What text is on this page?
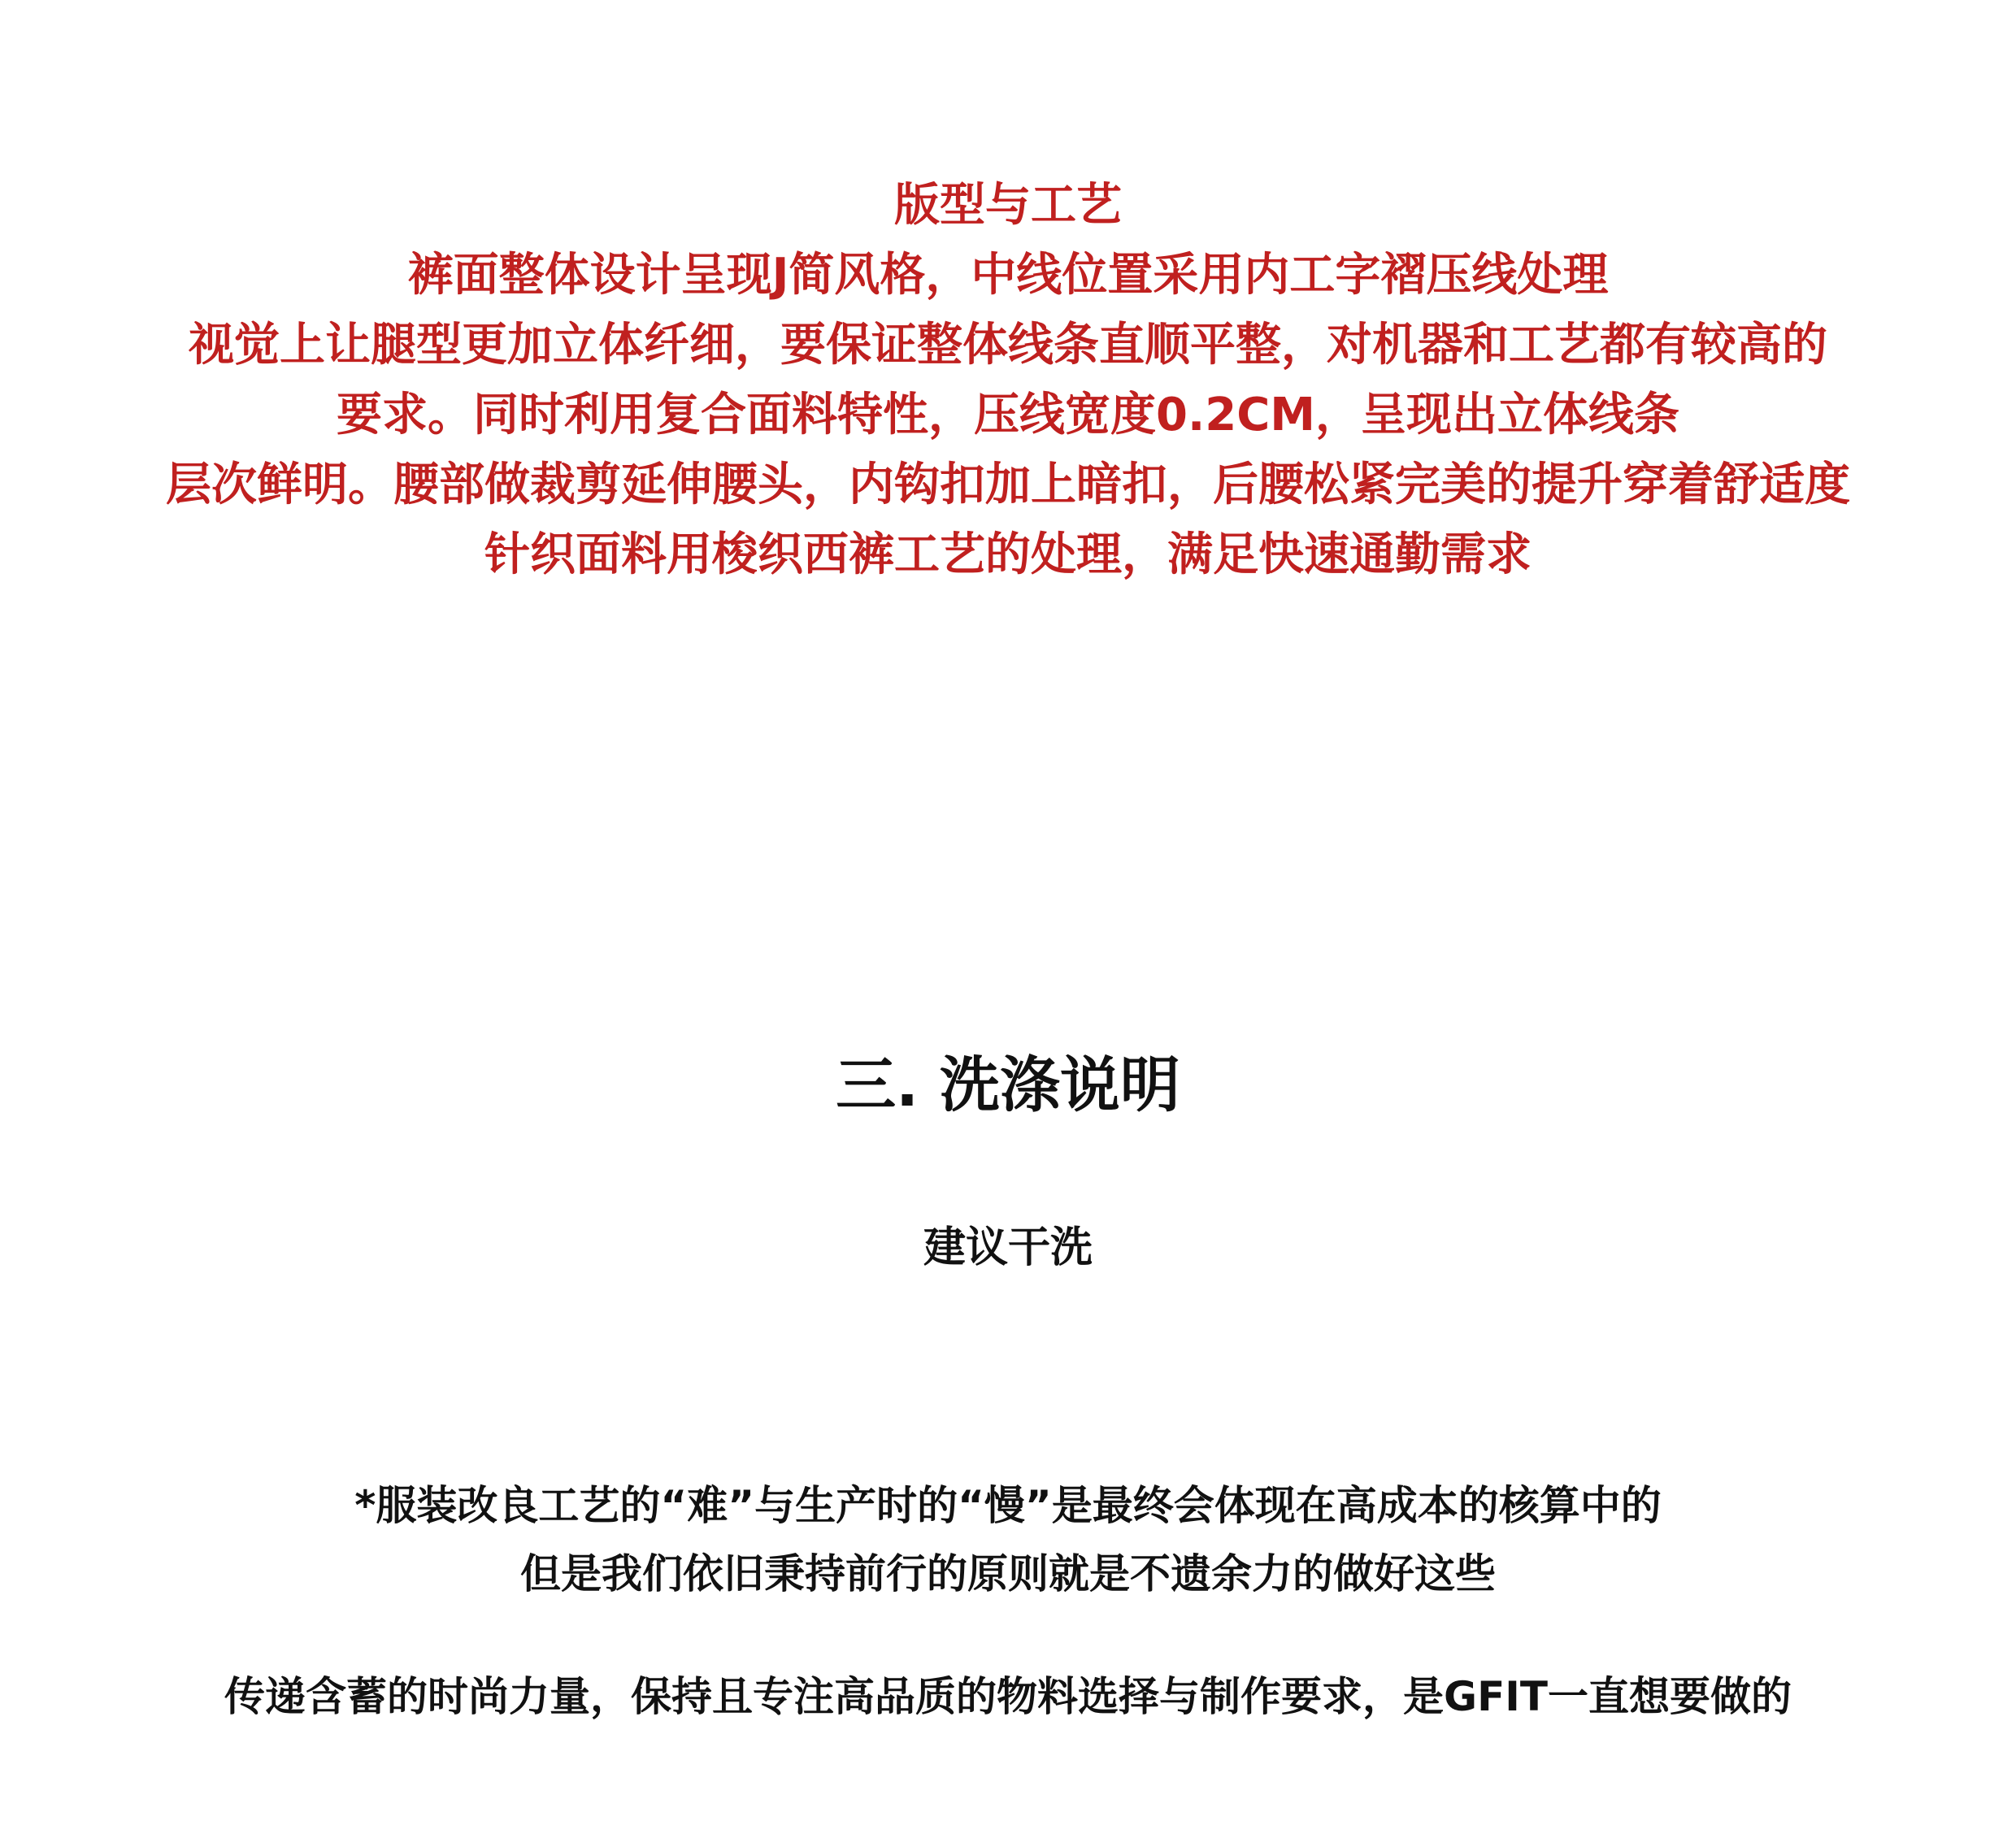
版型与工艺
裤面整体设计呈现J简风格，中线位置采用内工字褶压线处理
视觉上让腿型更加立体纤细，要保证整体线条直顺平整，对机器和工艺都有较高的
要求。同时利用复合面料特性，压线宽度0.2CM，呈现出立体线条
层次鲜明。腰部做裁剪延伸腰头，内钩扣加上暗扣，后腰松紧完美的提升穿着舒适度
针织面料用梭织西裤工艺的处理，满足快速通勤需求
三. 洗涤说明
建议干洗
*服装改良工艺的“难”与生产时的“慢”是最终会体现在高成本的核算中的
但是我们依旧秉持前行的原则就是不遗余力的做好这些
传递含蓄的时尚力量，保持且专注高品质的物料选择与制作要求，是GFIT一直想要做的
